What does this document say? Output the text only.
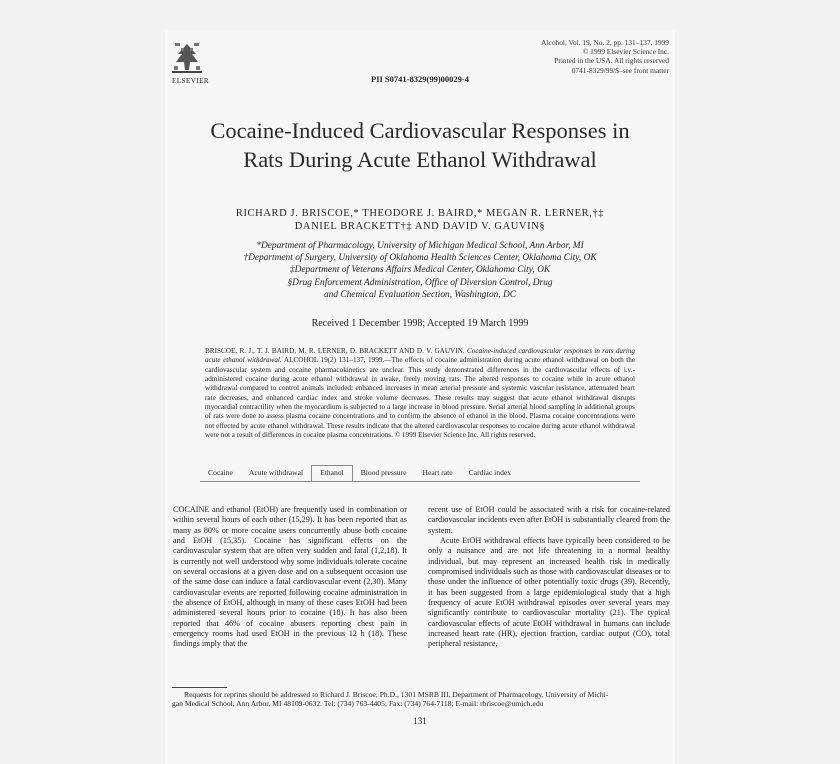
ELSEVIER
Alcohol, Vol. 19, No. 2, pp. 131–137, 1999
© 1999 Elsevier Science Inc.
Printed in the USA. All rights reserved
0741-8329/99/$–see front matter
PII S0741-8329(99)00029-4
Cocaine-Induced Cardiovascular Responses in
Rats During Acute Ethanol Withdrawal
RICHARD J. BRISCOE,* THEODORE J. BAIRD,* MEGAN R. LERNER,†‡
DANIEL BRACKETT†‡ AND DAVID V. GAUVIN§
*Department of Pharmacology, University of Michigan Medical School, Ann Arbor, MI
†Department of Surgery, University of Oklahoma Health Sciences Center, Oklahoma City, OK
‡Department of Veterans Affairs Medical Center, Oklahoma City, OK
§Drug Enforcement Administration, Office of Diversion Control, Drug
and Chemical Evaluation Section, Washington, DC
Received 1 December 1998; Accepted 19 March 1999
BRISCOE, R. J., T. J. BAIRD, M. R. LERNER, D. BRACKETT AND D. V. GAUVIN. Cocaine-induced cardiovascular responses in rats during acute ethanol withdrawal. ALCOHOL 19(2) 131–137, 1999.—The effects of cocaine administration during acute ethanol withdrawal on both the cardiovascular system and cocaine pharmacokinetics are unclear. This study demonstrated differences in the cardiovascular effects of i.v.-administered cocaine during acute ethanol withdrawal in awake, freely moving rats. The altered responses to cocaine while in acute ethanol withdrawal compared to control animals included: enhanced increases in mean arterial pressure and systemic vascular resistance, attenuated heart rate decreases, and enhanced cardiac index and stroke volume decreases. These results may suggest that acute ethanol withdrawal disrupts myocardial contractility when the myocardium is subjected to a large increase in blood pressure. Serial arterial blood sampling in additional groups of rats were done to assess plasma cocaine concentrations and to confirm the absence of ethanol in the blood. Plasma cocaine concentrations were not effected by acute ethanol withdrawal. These results indicate that the altered cardiovascular responses to cocaine during acute ethanol withdrawal were not a result of differences in cocaine plasma concentrations. © 1999 Elsevier Science Inc. All rights reserved.
Cocaine	Acute withdrawal	Ethanol	Blood pressure	Heart rate	Cardiac index

COCAINE and ethanol (EtOH) are frequently used in combination or within several hours of each other (15,29). It has been reported that as many as 80% or more cocaine users concurrently abuse both cocaine and EtOH (15,35). Cocaine has significant effects on the cardiovascular system that are often very sudden and fatal (1,2,18). It is currently not well understood why some individuals tolerate cocaine on several occasions at a given dose and on a subsequent occasion use of the same dose can induce a fatal cardiovascular event (2,30). Many cardiovascular events are reported following cocaine administration in the absence of EtOH, although in many of these cases EtOH had been administered several hours prior to cocaine (18). It has also been reported that 46% of cocaine abusers reporting chest pain in emergency rooms had used EtOH in the previous 12 h (18). These findings imply that the

recent use of EtOH could be associated with a risk for cocaine-related cardiovascular incidents even after EtOH is substantially cleared from the system.

Acute EtOH withdrawal effects have typically been considered to be only a nuisance and are not life threatening in a normal healthy individual, but may represent an increased health risk in medically compromised individuals such as those with cardiovascular diseases or to those under the influence of other potentially toxic drugs (39). Recently, it has been suggested from a large epidemiological study that a high frequency of acute EtOH withdrawal episodes over several years may significantly contribute to cardiovascular mortality (21). The typical cardiovascular effects of acute EtOH withdrawal in humans can include increased heart rate (HR), ejection fraction, cardiac output (CO), total peripheral resistance,

Requests for reprints should be addressed to Richard J. Briscoe, Ph.D., 1301 MSRB III, Department of Pharmacology, University of Michi-
gan Medical School, Ann Arbor, MI 48109-0632. Tel: (734) 763-4405; Fax: (734) 764-7118; E-mail: rbriscoe@umich.edu
131
